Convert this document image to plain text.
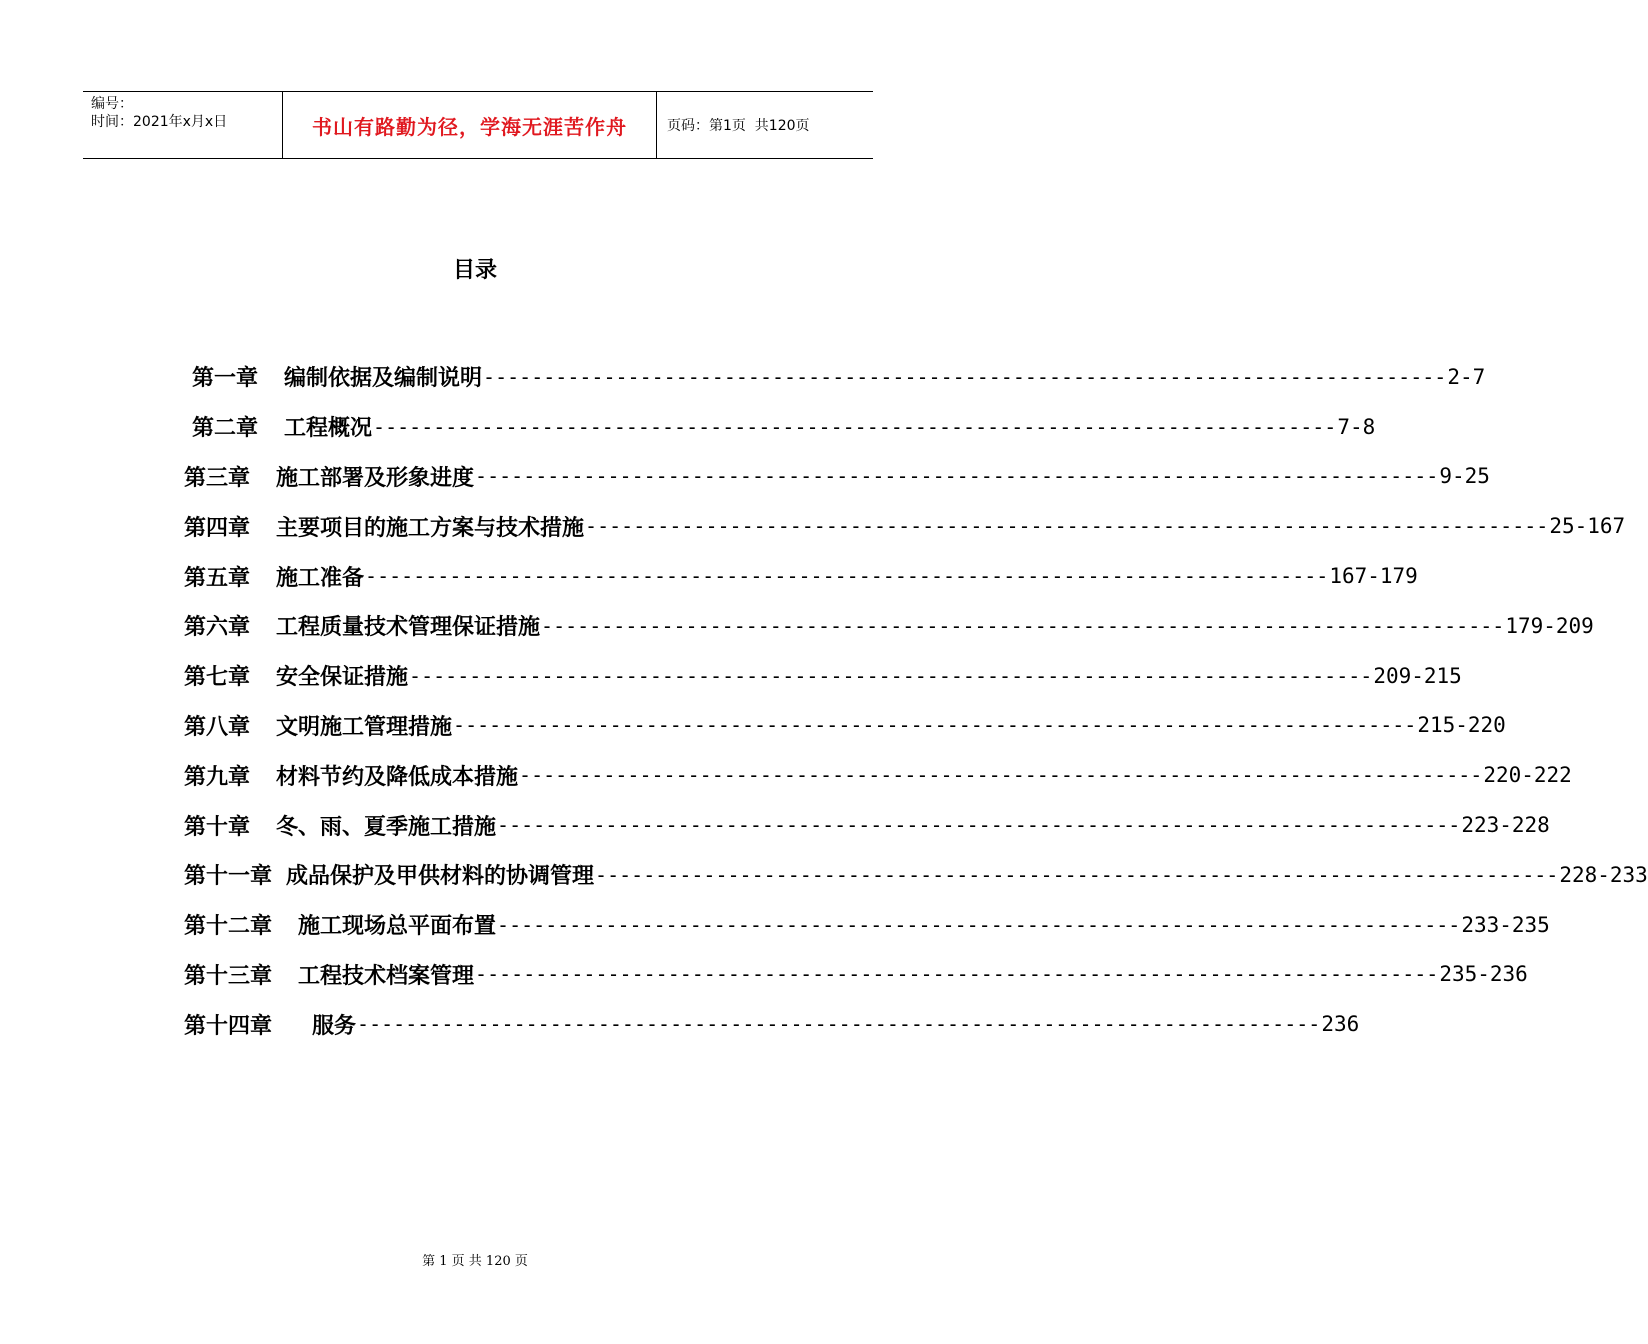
编号：
时间：2021年x月x日	书山有路勤为径，学海无涯苦作舟	页码：第1页  共120页
目录
第一章 编制依据及编制说明 -------------------------------------------------------------------------------- 2-7
第二章 工程概况 -------------------------------------------------------------------------------- 7-8
第三章 施工部署及形象进度 -------------------------------------------------------------------------------- 9-25
第四章 主要项目的施工方案与技术措施 -------------------------------------------------------------------------------- 25-167
第五章 施工准备 -------------------------------------------------------------------------------- 167-179
第六章 工程质量技术管理保证措施 -------------------------------------------------------------------------------- 179-209
第七章 安全保证措施 -------------------------------------------------------------------------------- 209-215
第八章 文明施工管理措施 -------------------------------------------------------------------------------- 215-220
第九章 材料节约及降低成本措施 -------------------------------------------------------------------------------- 220-222
第十章 冬、雨、夏季施工措施 -------------------------------------------------------------------------------- 223-228
第十一章 成品保护及甲供材料的协调管理 -------------------------------------------------------------------------------- 228-233
第十二章 施工现场总平面布置 -------------------------------------------------------------------------------- 233-235
第十三章 工程技术档案管理 -------------------------------------------------------------------------------- 235-236
第十四章 服务 -------------------------------------------------------------------------------- 236
第 1 页 共 120 页
